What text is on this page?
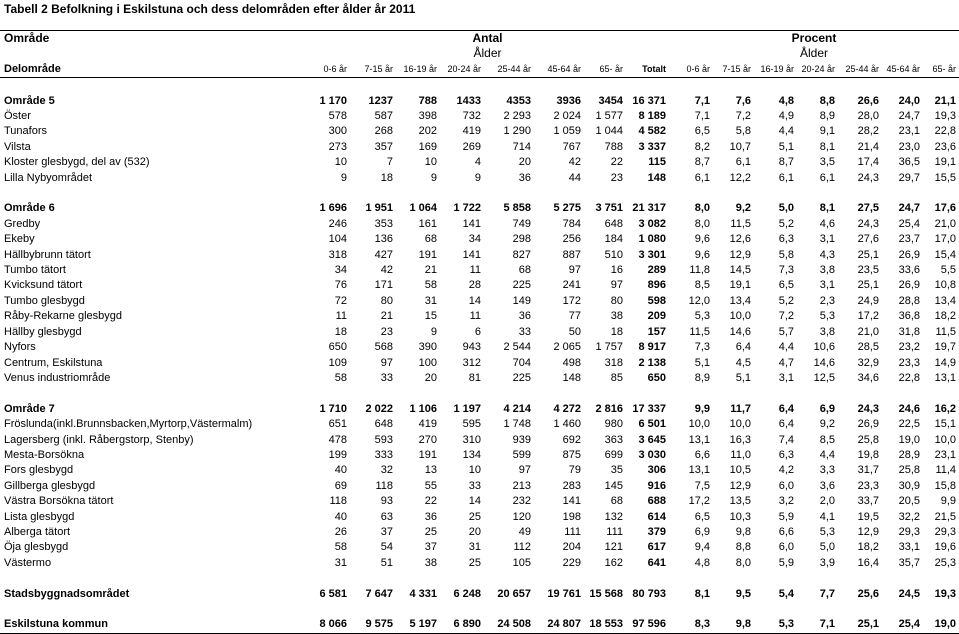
Tabell 2 Befolkning i Eskilstuna och dess delområden efter ålder år 2011
Område	Antal								Procent						
	Ålder								Ålder						
Delområde	0-6 år	7-15 år	16-19 år	20-24 år	25-44 år	45-64 år	65- år	Totalt	0-6 år	7-15 år	16-19 år	20-24 år	25-44 år	45-64 år	65- år

Område 5	1 170	1237	788	1433	4353	3936	3454	16 371	7,1	7,6	4,8	8,8	26,6	24,0	21,1
Öster	578	587	398	732	2 293	2 024	1 577	8 189	7,1	7,2	4,9	8,9	28,0	24,7	19,3
Tunafors	300	268	202	419	1 290	1 059	1 044	4 582	6,5	5,8	4,4	9,1	28,2	23,1	22,8
Vilsta	273	357	169	269	714	767	788	3 337	8,2	10,7	5,1	8,1	21,4	23,0	23,6
Kloster glesbygd, del av (532)	10	7	10	4	20	42	22	115	8,7	6,1	8,7	3,5	17,4	36,5	19,1
Lilla Nybyområdet	9	18	9	9	36	44	23	148	6,1	12,2	6,1	6,1	24,3	29,7	15,5

Område 6	1 696	1 951	1 064	1 722	5 858	5 275	3 751	21 317	8,0	9,2	5,0	8,1	27,5	24,7	17,6
Gredby	246	353	161	141	749	784	648	3 082	8,0	11,5	5,2	4,6	24,3	25,4	21,0
Ekeby	104	136	68	34	298	256	184	1 080	9,6	12,6	6,3	3,1	27,6	23,7	17,0
Hällbybrunn tätort	318	427	191	141	827	887	510	3 301	9,6	12,9	5,8	4,3	25,1	26,9	15,4
Tumbo tätort	34	42	21	11	68	97	16	289	11,8	14,5	7,3	3,8	23,5	33,6	5,5
Kvicksund tätort	76	171	58	28	225	241	97	896	8,5	19,1	6,5	3,1	25,1	26,9	10,8
Tumbo glesbygd	72	80	31	14	149	172	80	598	12,0	13,4	5,2	2,3	24,9	28,8	13,4
Råby-Rekarne glesbygd	11	21	15	11	36	77	38	209	5,3	10,0	7,2	5,3	17,2	36,8	18,2
Hällby glesbygd	18	23	9	6	33	50	18	157	11,5	14,6	5,7	3,8	21,0	31,8	11,5
Nyfors	650	568	390	943	2 544	2 065	1 757	8 917	7,3	6,4	4,4	10,6	28,5	23,2	19,7
Centrum, Eskilstuna	109	97	100	312	704	498	318	2 138	5,1	4,5	4,7	14,6	32,9	23,3	14,9
Venus industriområde	58	33	20	81	225	148	85	650	8,9	5,1	3,1	12,5	34,6	22,8	13,1

Område 7	1 710	2 022	1 106	1 197	4 214	4 272	2 816	17 337	9,9	11,7	6,4	6,9	24,3	24,6	16,2
Fröslunda(inkl.Brunnsbacken,Myrtorp,Västermalm)	651	648	419	595	1 748	1 460	980	6 501	10,0	10,0	6,4	9,2	26,9	22,5	15,1
Lagersberg (inkl. Råbergstorp, Stenby)	478	593	270	310	939	692	363	3 645	13,1	16,3	7,4	8,5	25,8	19,0	10,0
Mesta-Borsökna	199	333	191	134	599	875	699	3 030	6,6	11,0	6,3	4,4	19,8	28,9	23,1
Fors glesbygd	40	32	13	10	97	79	35	306	13,1	10,5	4,2	3,3	31,7	25,8	11,4
Gillberga glesbygd	69	118	55	33	213	283	145	916	7,5	12,9	6,0	3,6	23,3	30,9	15,8
Västra Borsökna tätort	118	93	22	14	232	141	68	688	17,2	13,5	3,2	2,0	33,7	20,5	9,9
Lista glesbygd	40	63	36	25	120	198	132	614	6,5	10,3	5,9	4,1	19,5	32,2	21,5
Alberga tätort	26	37	25	20	49	111	111	379	6,9	9,8	6,6	5,3	12,9	29,3	29,3
Öja glesbygd	58	54	37	31	112	204	121	617	9,4	8,8	6,0	5,0	18,2	33,1	19,6
Västermo	31	51	38	25	105	229	162	641	4,8	8,0	5,9	3,9	16,4	35,7	25,3

Stadsbyggnadsområdet	6 581	7 647	4 331	6 248	20 657	19 761	15 568	80 793	8,1	9,5	5,4	7,7	25,6	24,5	19,3

Eskilstuna kommun	8 066	9 575	5 197	6 890	24 508	24 807	18 553	97 596	8,3	9,8	5,3	7,1	25,1	25,4	19,0
